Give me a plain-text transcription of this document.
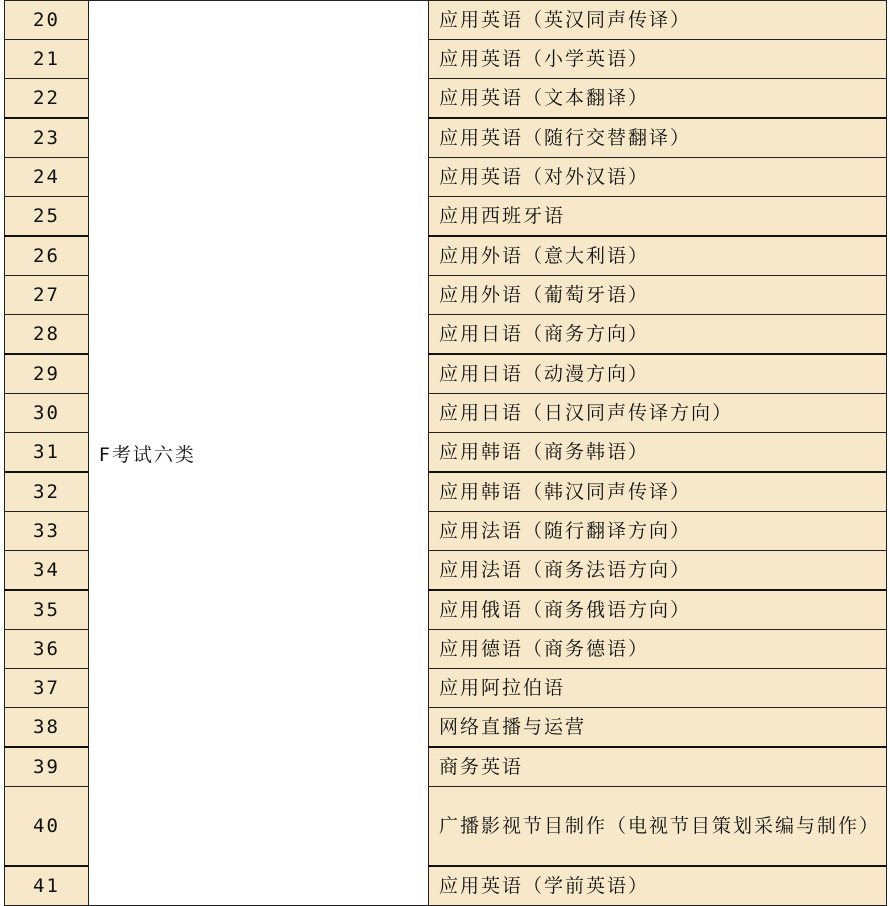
20	F考试六类	应用英语（英汉同声传译）
21		应用英语（小学英语）
22		应用英语（文本翻译）
23		应用英语（随行交替翻译）
24		应用英语（对外汉语）
25		应用西班牙语
26		应用外语（意大利语）
27		应用外语（葡萄牙语）
28		应用日语（商务方向）
29		应用日语（动漫方向）
30		应用日语（日汉同声传译方向）
31		应用韩语（商务韩语）
32		应用韩语（韩汉同声传译）
33		应用法语（随行翻译方向）
34		应用法语（商务法语方向）
35		应用俄语（商务俄语方向）
36		应用德语（商务德语）
37		应用阿拉伯语
38		网络直播与运营
39		商务英语
40		广播影视节目制作（电视节目策划采编与制作）
41		应用英语（学前英语）
